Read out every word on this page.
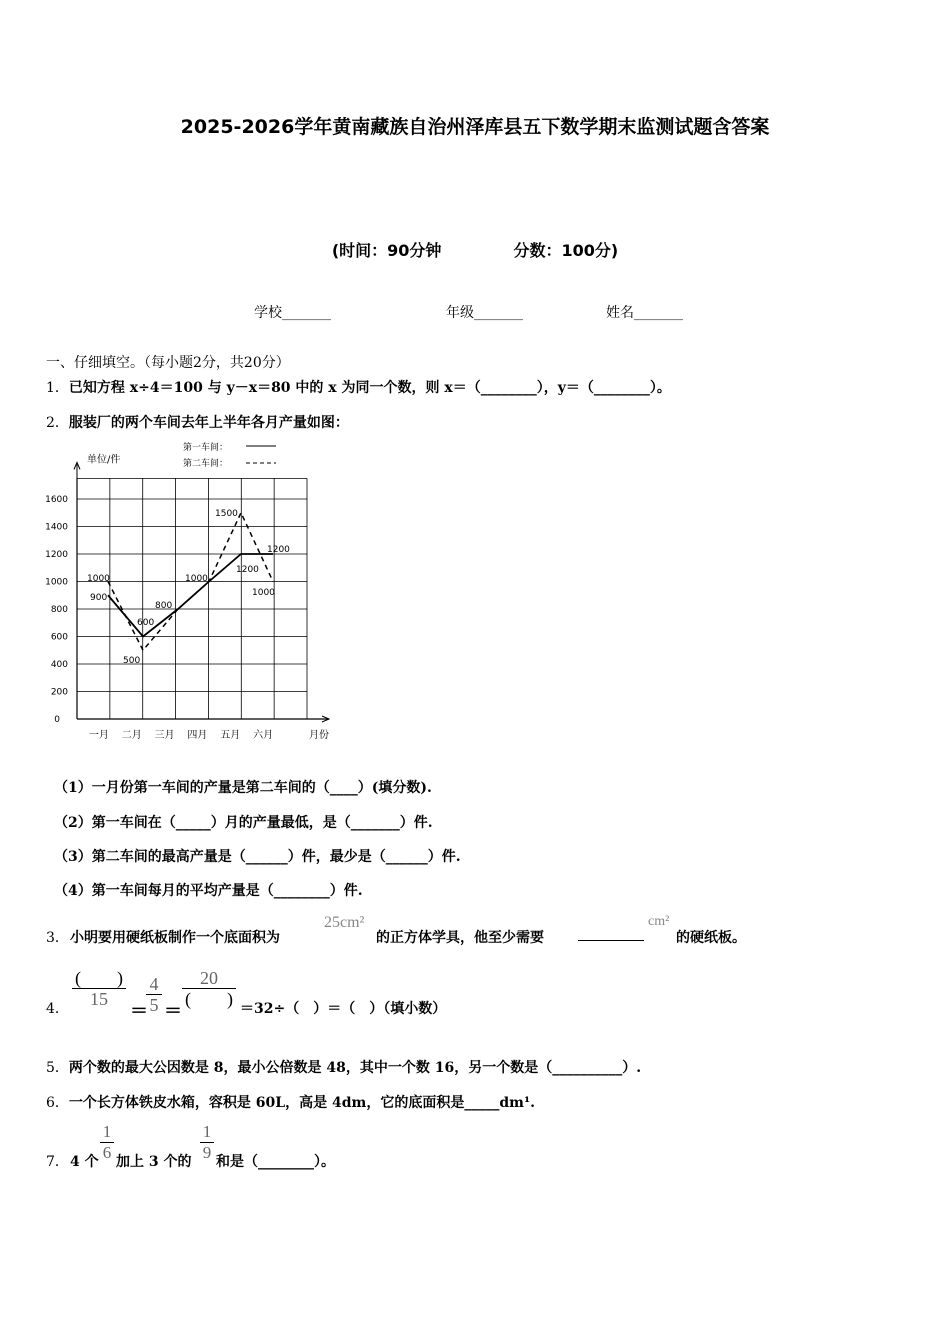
2025-2026学年黄南藏族自治州泽库县五下数学期末监测试题含答案
(时间：90分钟	分数：100分)
学校_______	年级_______	姓名_______
一、仔细填空。（每小题2分，共20分）
1．已知方程 x÷4＝100 与 y－x＝80 中的 x 为同一个数，则 x＝（________），y＝（________）。
2．服装厂的两个车间去年上半年各月产量如图：
0
200
400
600
800
1000
1200
1400
1600
一月 二月 三月 四月 五月 六月	月份
单位/件
第一车间：
第二车间：
1000
900
600
500
800
1000
1500
1200
1200
1000
（1）一月份第一车间的产量是第二车间的（____）(填分数).
（2）第一车间在（_____）月的产量最低，是（_______）件.
（3）第二车间的最高产量是（______）件，最少是（______）件.
（4）第一车间每月的平均产量是（________）件.
3． 小明要用硬纸板制作一个底面积为
25cm²
的正方体学具，他至少需要
cm²
的硬纸板。
4．
(　　)
15
＝
4
5 ＝
20
(　　) ＝32÷（　）＝（　）（填小数）
5．两个数的最大公因数是 8，最小公倍数是 48，其中一个数 16，另一个数是（__________）.
6．一个长方体铁皮水箱，容积是 60L，高是 4dm，它的底面积是_____dm¹.
7． 4 个
1
6 加上 3 个的
1
9 和是（________）。
